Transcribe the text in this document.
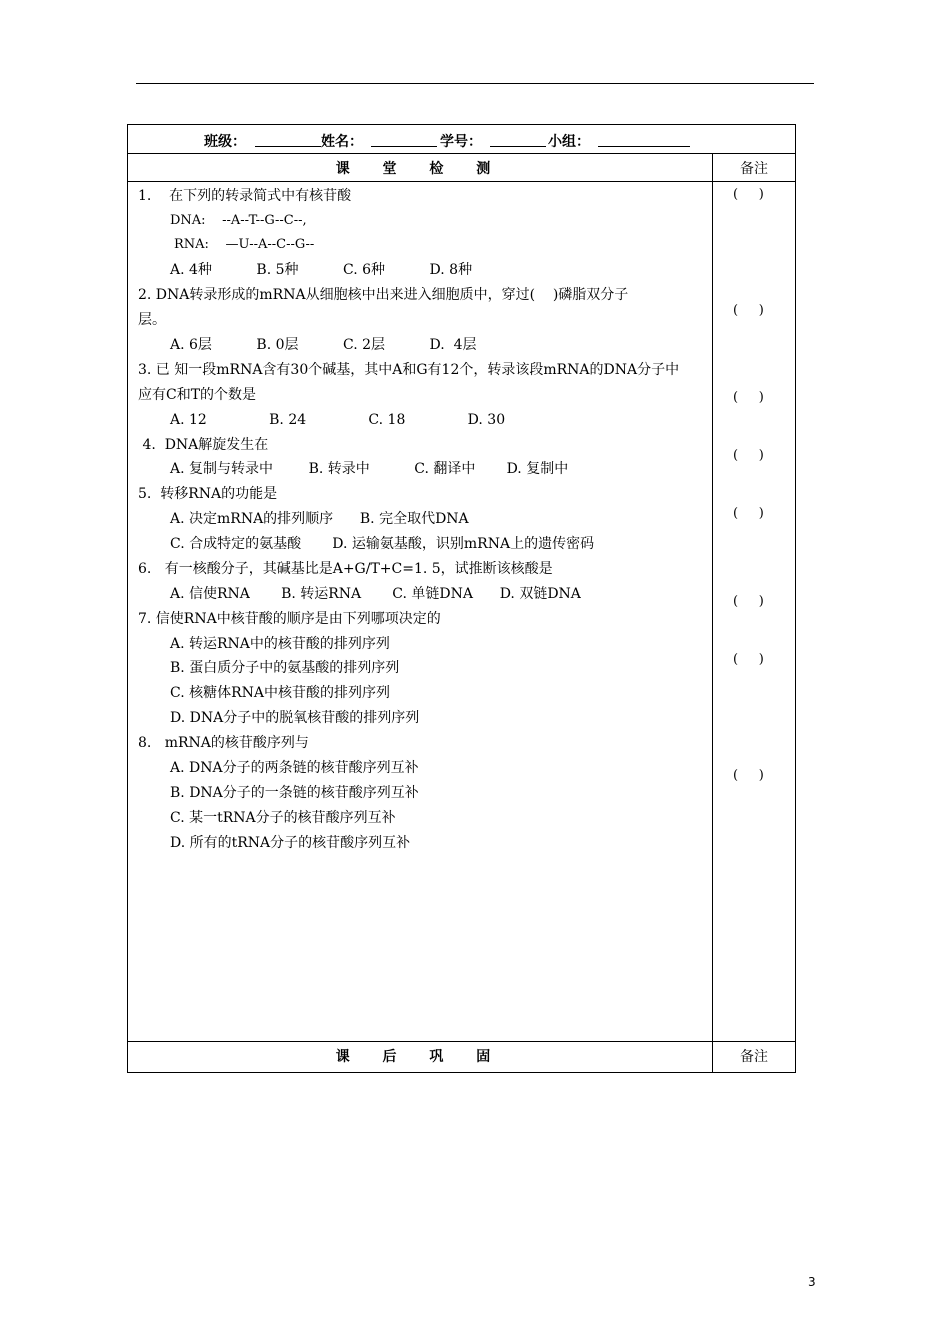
班级：	姓名：	学号：	小组：
课 堂 检 测	备注
1.    在下列的转录简式中有核苷酸
DNA:    --A--T--G--C--,
RNA:    —U--A--C--G--
A. 4种          B. 5种          C. 6种          D. 8种
2. DNA转录形成的mRNA从细胞核中出来进入细胞质中，穿过(    )磷脂双分子
层。
A. 6层          B. 0层          C. 2层          D.  4层
3. 已 知一段mRNA含有30个碱基，其中A和G有12个，转录该段mRNA的DNA分子中
应有C和T的个数是
A. 12              B. 24              C. 18              D. 30
4.  DNA解旋发生在
A. 复制与转录中        B. 转录中          C. 翻译中       D. 复制中
5.  转移RNA的功能是
A. 决定mRNA的排列顺序      B. 完全取代DNA
C. 合成特定的氨基酸       D. 运输氨基酸，识别mRNA上的遗传密码
6.   有一核酸分子，其碱基比是A+G/T+C=1. 5，试推断该核酸是
A. 信使RNA       B. 转运RNA       C. 单链DNA      D. 双链DNA
7. 信使RNA中核苷酸的顺序是由下列哪项决定的
A. 转运RNA中的核苷酸的排列序列
B. 蛋白质分子中的氨基酸的排列序列
C. 核糖体RNA中核苷酸的排列序列
D. DNA分子中的脱氧核苷酸的排列序列
8.   mRNA的核苷酸序列与
A. DNA分子的两条链的核苷酸序列互补
B. DNA分子的一条链的核苷酸序列互补
C. 某一tRNA分子的核苷酸序列互补
D. 所有的tRNA分子的核苷酸序列互补
(     )
(     )
(     )
(     )
(     )
(     )
(     )
(     )
课 后 巩 固	备注
3
